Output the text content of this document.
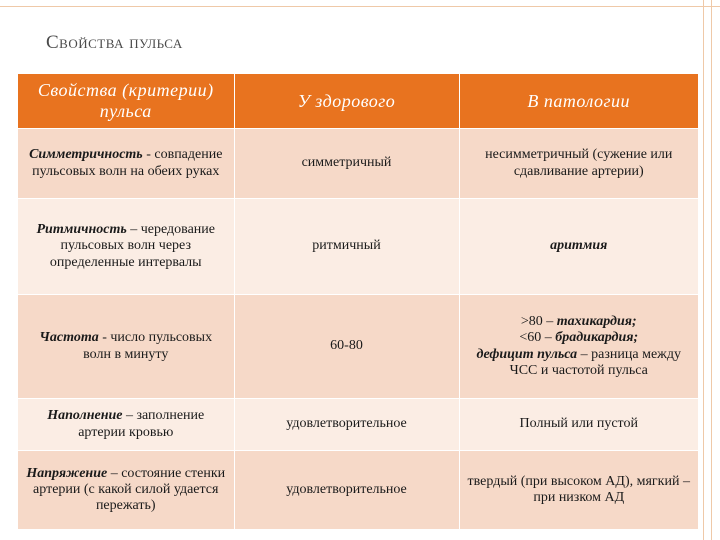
Свойства пульса
Свойства (критерии) пульса	У здорового	В патологии
Симметричность - совпадение пульсовых волн на обеих руках	симметричный	несимметричный (сужение или сдавливание артерии)
Ритмичность – чередование пульсовых волн через определенные интервалы	ритмичный	аритмия
Частота - число пульсовых волн в минуту	60-80	>80 – тахикардия;
<60 – брадикардия;
дефицит пульса – разница между ЧСС и частотой пульса

Наполнение – заполнение артерии кровью	удовлетворительное	Полный или пустой
Напряжение – состояние стенки артерии (с какой силой удается пережать)	удовлетворительное	твердый (при высоком АД), мягкий – при низком АД
